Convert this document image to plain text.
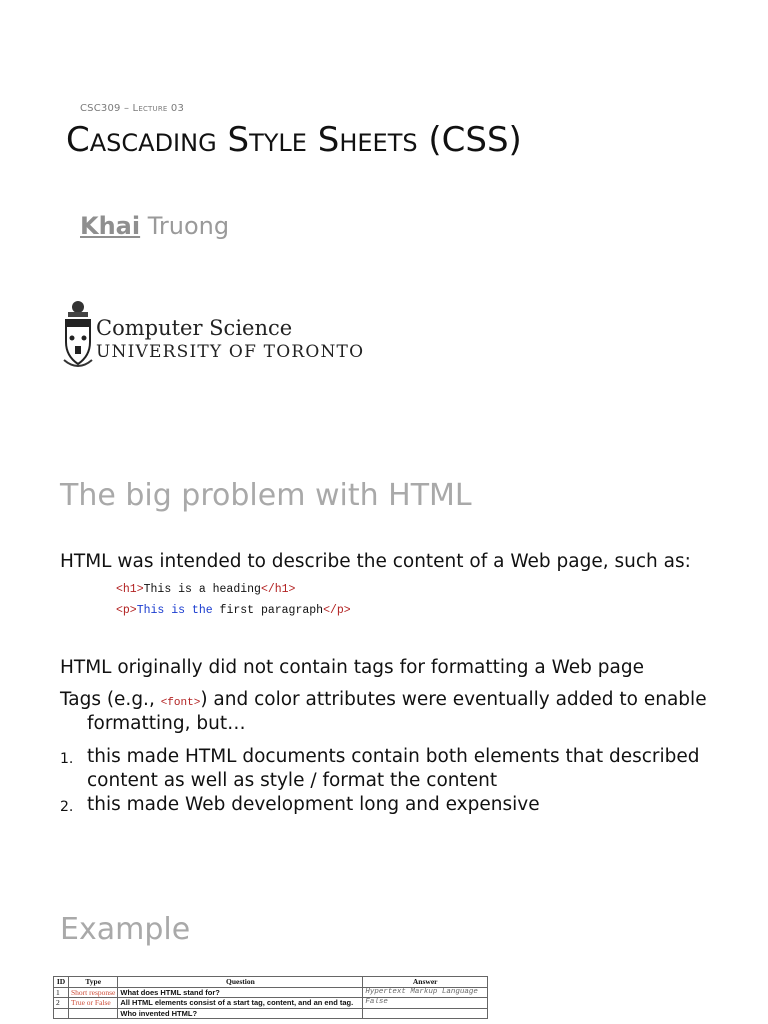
CSC309 – Lecture 03
Cascading Style Sheets (CSS)
Khai Truong
Computer Science
UNIVERSITY OF TORONTO
The big problem with HTML
HTML was intended to describe the content of a Web page, such as:
<h1>This is a heading</h1>
<p>This is the first paragraph</p>
HTML originally did not contain tags for formatting a Web page
Tags (e.g., <font>) and color attributes were eventually added to enable
formatting, but…
1. this made HTML documents contain both elements that described
content as well as style / format the content
2. this made Web development long and expensive
Example
ID	Type	Question	Answer
1	Short response	What does HTML stand for?	Hypertext Markup Language
2	True or False	All HTML elements consist of a start tag, content, and an end tag.	False
		Who invented HTML?	
